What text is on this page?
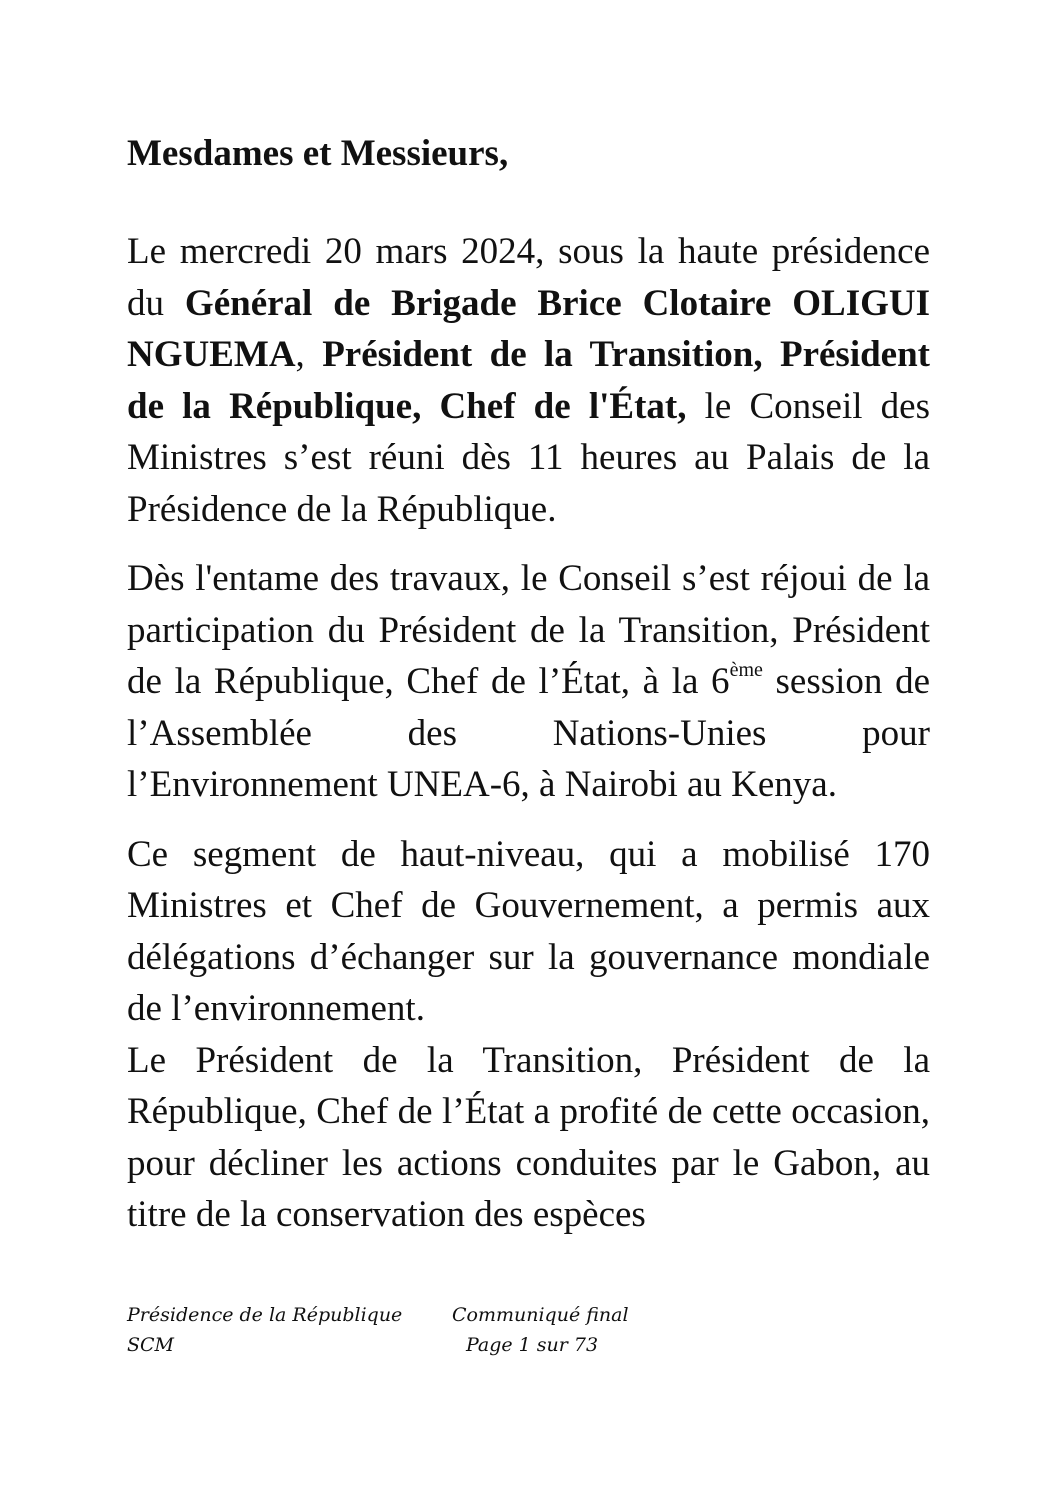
Mesdames et Messieurs,

Le mercredi 20 mars 2024, sous la haute présidence du Général de Brigade Brice Clotaire OLIGUI NGUEMA, Président de la Transition, Président de la République, Chef de l'État, le Conseil des Ministres s’est réuni dès 11 heures au Palais de la Présidence de la République.

Dès l'entame des travaux, le Conseil s’est réjoui de la participation du Président de la Transition, Président de la République, Chef de l’État, à la 6ème session de l’Assemblée des Nations-Unies pour l’Environnement UNEA-6, à Nairobi au Kenya.

Ce segment de haut-niveau, qui a mobilisé 170 Ministres et Chef de Gouvernement, a permis aux délégations d’échanger sur la gouvernance mondiale de l’environnement.

Le Président de la Transition, Président de la République, Chef de l’État a profité de cette occasion, pour décliner les actions conduites par le Gabon, au titre de la conservation des espèces

Présidence de la République
SCM
Communiqué final
Page 1 sur 73
